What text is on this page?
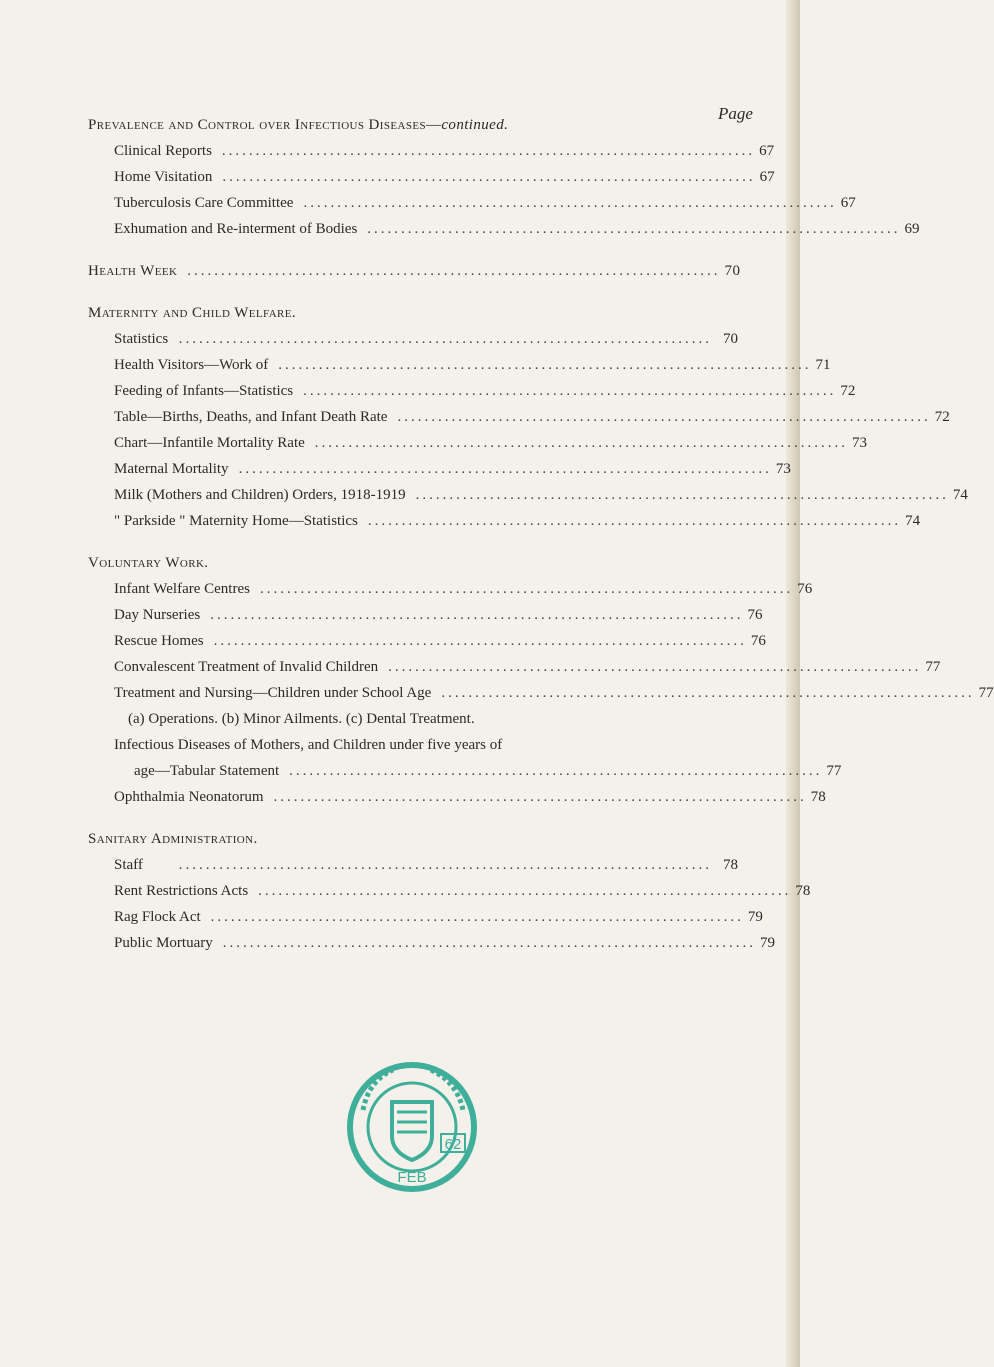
Page
Prevalence and Control over Infectious Diseases—continued.
Clinical Reports ............................................................................... 67
Home Visitation ............................................................................... 67
Tuberculosis Care Committee ............................................................................... 67
Exhumation and Re-interment of Bodies ............................................................................... 69
Health Week ............................................................................... 70
Maternity and Child Welfare.
Statistics ............................................................................... 70
Health Visitors—Work of ............................................................................... 71
Feeding of Infants—Statistics ............................................................................... 72
Table—Births, Deaths, and Infant Death Rate ............................................................................... 72
Chart—Infantile Mortality Rate ............................................................................... 73
Maternal Mortality ............................................................................... 73
Milk (Mothers and Children) Orders, 1918-1919 ............................................................................... 74
" Parkside " Maternity Home—Statistics ............................................................................... 74
Voluntary Work.
Infant Welfare Centres ............................................................................... 76
Day Nurseries ............................................................................... 76
Rescue Homes ............................................................................... 76
Convalescent Treatment of Invalid Children ............................................................................... 77
Treatment and Nursing—Children under School Age ............................................................................... 77
(a) Operations. (b) Minor Ailments. (c) Dental Treatment.
Infectious Diseases of Mothers, and Children under five years of
age—Tabular Statement ............................................................................... 77
Ophthalmia Neonatorum ............................................................................... 78
Sanitary Administration.
Staff	............................................................................... 78
Rent Restrictions Acts ............................................................................... 78
Rag Flock Act ............................................................................... 79
Public Mortuary ............................................................................... 79
62
FEB
